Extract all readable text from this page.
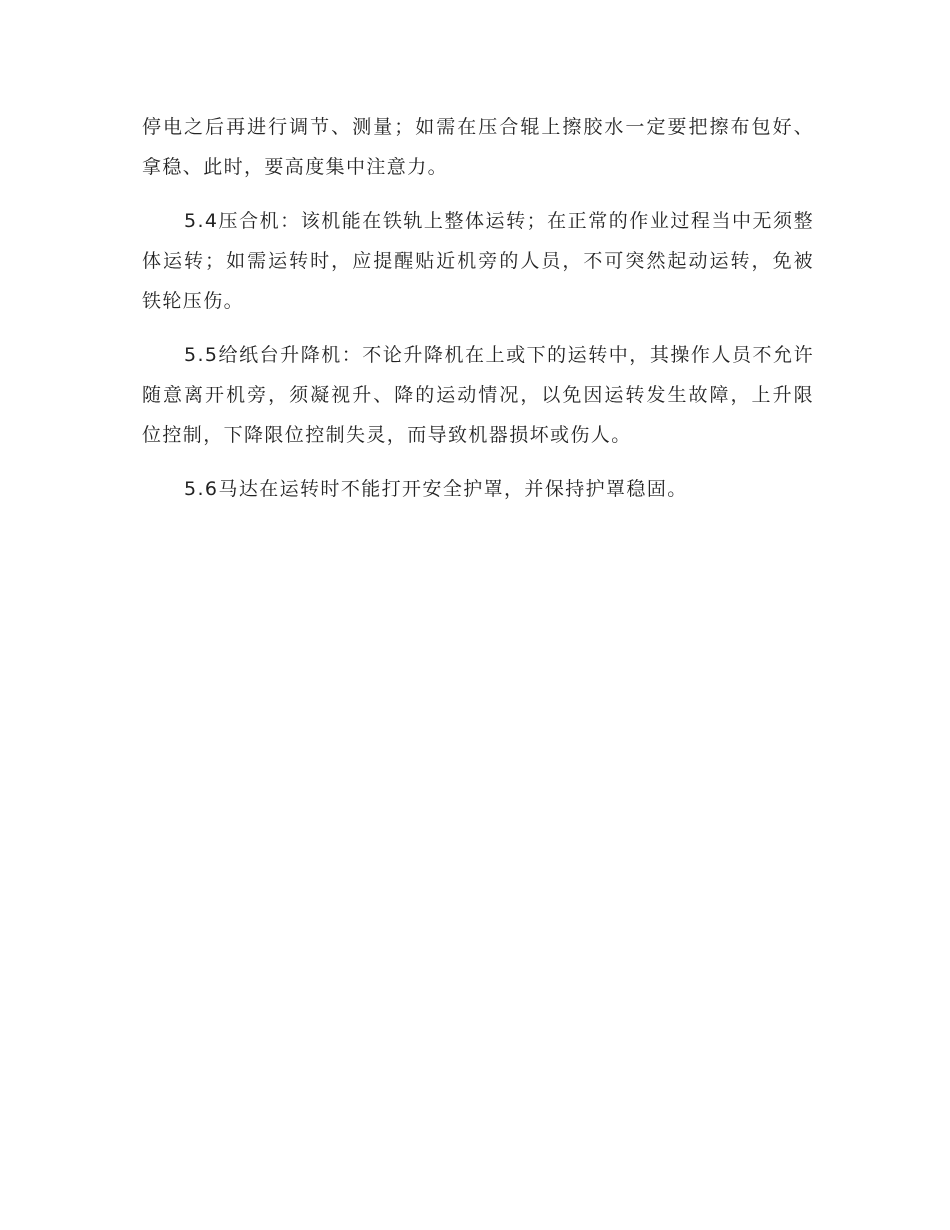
停电之后再进行调节、测量；如需在压合辊上擦胶水一定要把擦布包好、拿稳、此时，要高度集中注意力。

5.4压合机：该机能在铁轨上整体运转；在正常的作业过程当中无须整体运转；如需运转时，应提醒贴近机旁的人员，不可突然起动运转，免被铁轮压伤。

5.5给纸台升降机：不论升降机在上或下的运转中，其操作人员不允许随意离开机旁，须凝视升、降的运动情况，以免因运转发生故障，上升限位控制，下降限位控制失灵，而导致机器损坏或伤人。

5.6马达在运转时不能打开安全护罩，并保持护罩稳固。
